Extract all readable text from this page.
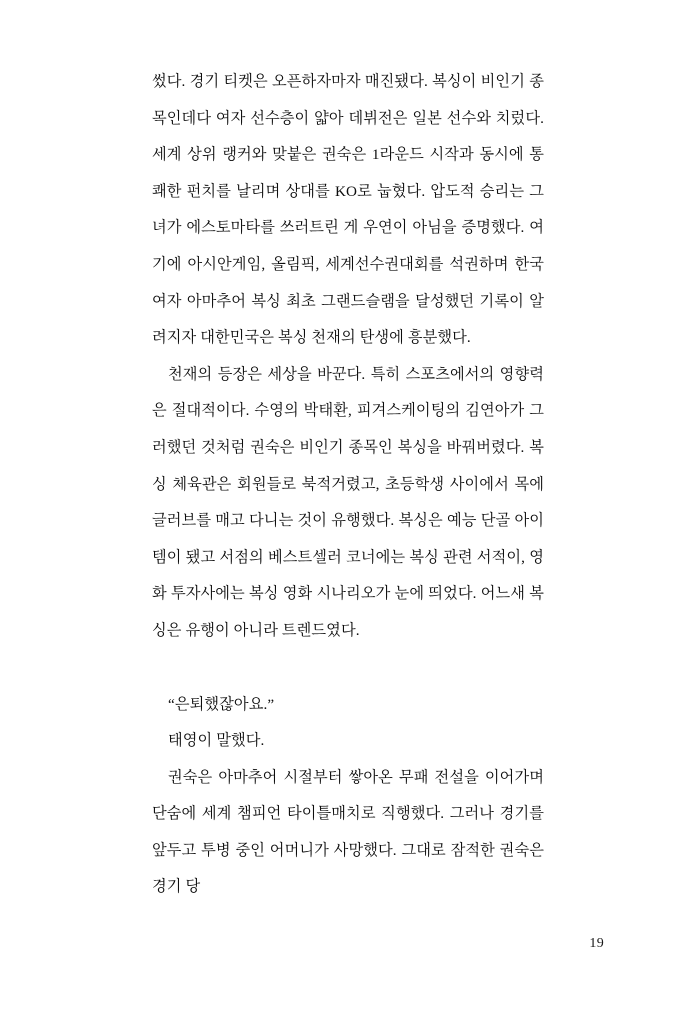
썼다. 경기 티켓은 오픈하자마자 매진됐다. 복싱이 비인기 종목인데다 여자 선수층이 얇아 데뷔전은 일본 선수와 치렀다. 세계 상위 랭커와 맞붙은 권숙은 1라운드 시작과 동시에 통쾌한 펀치를 날리며 상대를 KO로 눕혔다. 압도적 승리는 그녀가 에스토마타를 쓰러트린 게 우연이 아님을 증명했다. 여기에 아시안게임, 올림픽, 세계선수권대회를 석권하며 한국 여자 아마추어 복싱 최초 그랜드슬램을 달성했던 기록이 알려지자 대한민국은 복싱 천재의 탄생에 흥분했다.

천재의 등장은 세상을 바꾼다. 특히 스포츠에서의 영향력은 절대적이다. 수영의 박태환, 피겨스케이팅의 김연아가 그러했던 것처럼 권숙은 비인기 종목인 복싱을 바꿔버렸다. 복싱 체육관은 회원들로 북적거렸고, 초등학생 사이에서 목에 글러브를 매고 다니는 것이 유행했다. 복싱은 예능 단골 아이템이 됐고 서점의 베스트셀러 코너에는 복싱 관련 서적이, 영화 투자사에는 복싱 영화 시나리오가 눈에 띄었다. 어느새 복싱은 유행이 아니라 트렌드였다.

“은퇴했잖아요.”

태영이 말했다.

권숙은 아마추어 시절부터 쌓아온 무패 전설을 이어가며 단숨에 세계 챔피언 타이틀매치로 직행했다. 그러나 경기를 앞두고 투병 중인 어머니가 사망했다. 그대로 잠적한 권숙은 경기 당

19
